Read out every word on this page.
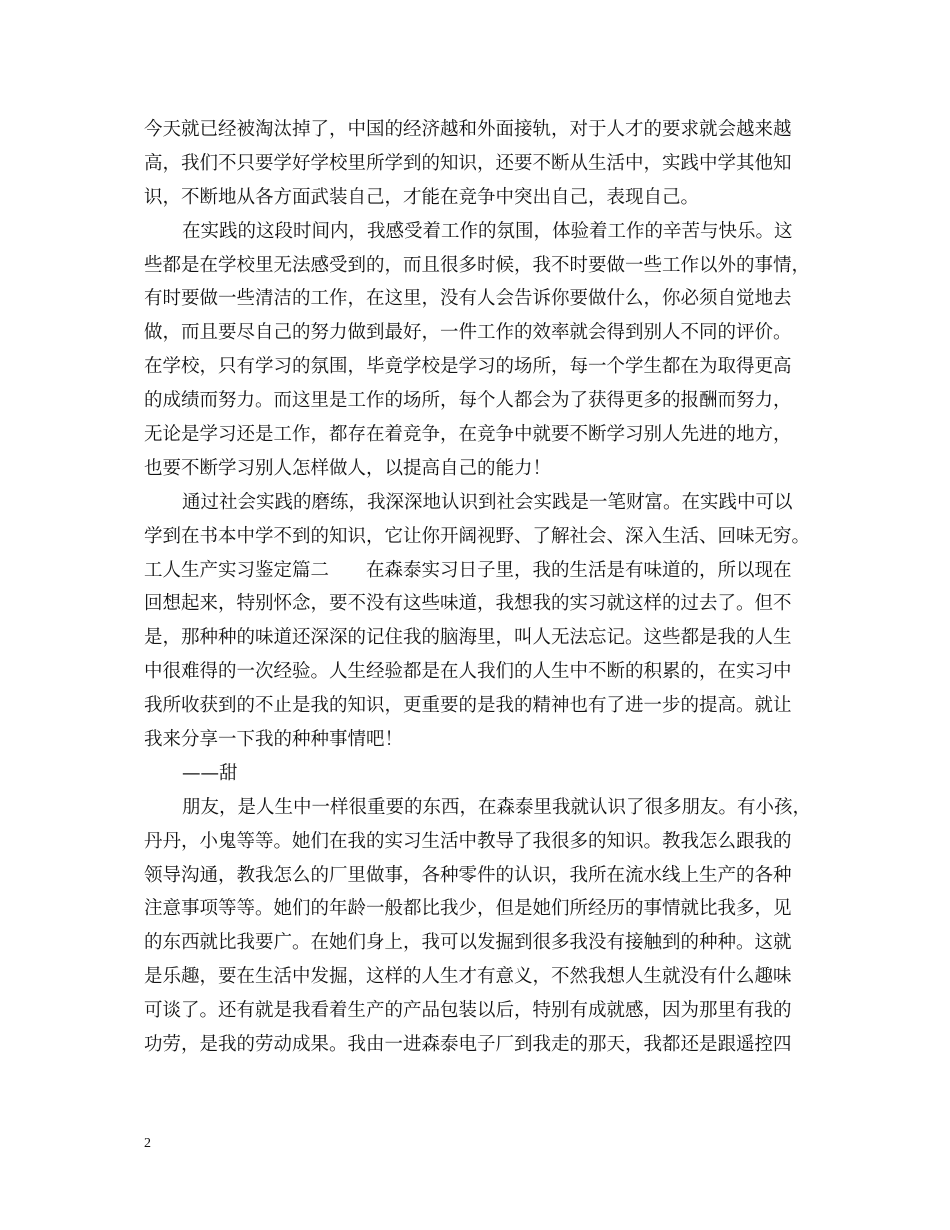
今天就已经被淘汰掉了，中国的经济越和外面接轨，对于人才的要求就会越来越
高，我们不只要学好学校里所学到的知识，还要不断从生活中，实践中学其他知
识，不断地从各方面武装自己，才能在竞争中突出自己，表现自己。
在实践的这段时间内，我感受着工作的氛围，体验着工作的辛苦与快乐。这
些都是在学校里无法感受到的，而且很多时候，我不时要做一些工作以外的事情，
有时要做一些清洁的工作，在这里，没有人会告诉你要做什么，你必须自觉地去
做，而且要尽自己的努力做到最好，一件工作的效率就会得到别人不同的评价。
在学校，只有学习的氛围，毕竟学校是学习的场所，每一个学生都在为取得更高
的成绩而努力。而这里是工作的场所，每个人都会为了获得更多的报酬而努力，
无论是学习还是工作，都存在着竞争，在竞争中就要不断学习别人先进的地方，
也要不断学习别人怎样做人，以提高自己的能力！
通过社会实践的磨练，我深深地认识到社会实践是一笔财富。在实践中可以
学到在书本中学不到的知识，它让你开阔视野、了解社会、深入生活、回味无穷。
工人生产实习鉴定篇二　　在森泰实习日子里，我的生活是有味道的，所以现在
回想起来，特别怀念，要不没有这些味道，我想我的实习就这样的过去了。但不
是，那种种的味道还深深的记住我的脑海里，叫人无法忘记。这些都是我的人生
中很难得的一次经验。人生经验都是在人我们的人生中不断的积累的，在实习中
我所收获到的不止是我的知识，更重要的是我的精神也有了进一步的提高。就让
我来分享一下我的种种事情吧！
——甜
朋友，是人生中一样很重要的东西，在森泰里我就认识了很多朋友。有小孩，
丹丹，小鬼等等。她们在我的实习生活中教导了我很多的知识。教我怎么跟我的
领导沟通，教我怎么的厂里做事，各种零件的认识，我所在流水线上生产的各种
注意事项等等。她们的年龄一般都比我少，但是她们所经历的事情就比我多，见
的东西就比我要广。在她们身上，我可以发掘到很多我没有接触到的种种。这就
是乐趣，要在生活中发掘，这样的人生才有意义，不然我想人生就没有什么趣味
可谈了。还有就是我看着生产的产品包装以后，特别有成就感，因为那里有我的
功劳，是我的劳动成果。我由一进森泰电子厂到我走的那天，我都还是跟遥控四
2
